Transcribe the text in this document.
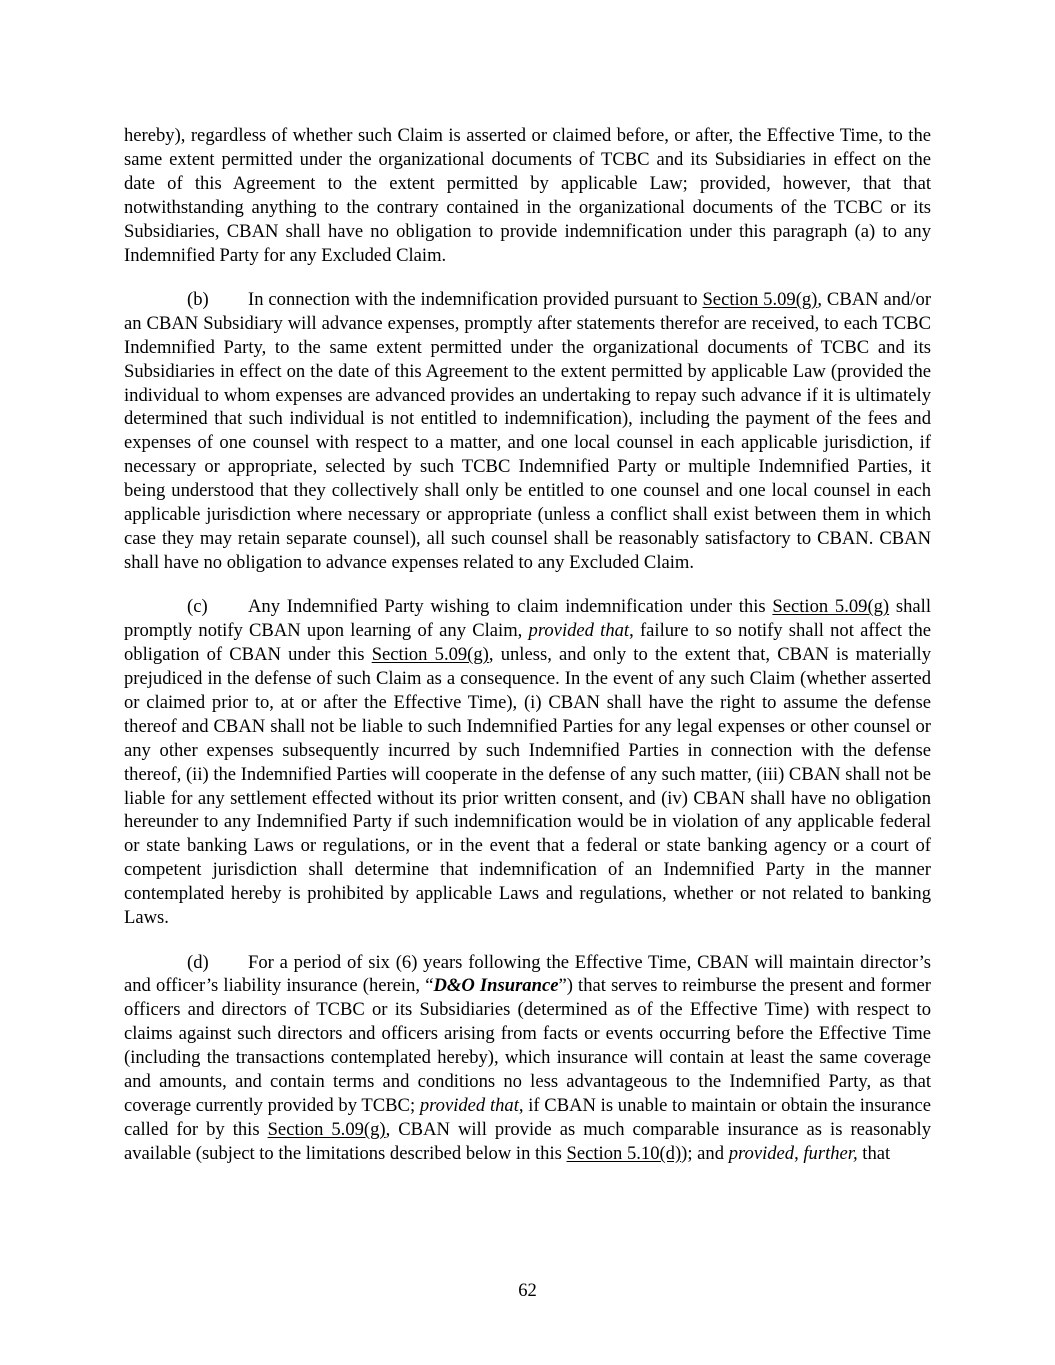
hereby), regardless of whether such Claim is asserted or claimed before, or after, the Effective Time, to the same extent permitted under the organizational documents of TCBC and its Subsidiaries in effect on the date of this Agreement to the extent permitted by applicable Law; provided, however, that that notwithstanding anything to the contrary contained in the organizational documents of the TCBC or its Subsidiaries, CBAN shall have no obligation to provide indemnification under this paragraph (a) to any Indemnified Party for any Excluded Claim.

(b) In connection with the indemnification provided pursuant to Section 5.09(g), CBAN and/or an CBAN Subsidiary will advance expenses, promptly after statements therefor are received, to each TCBC Indemnified Party, to the same extent permitted under the organizational documents of TCBC and its Subsidiaries in effect on the date of this Agreement to the extent permitted by applicable Law (provided the individual to whom expenses are advanced provides an undertaking to repay such advance if it is ultimately determined that such individual is not entitled to indemnification), including the payment of the fees and expenses of one counsel with respect to a matter, and one local counsel in each applicable jurisdiction, if necessary or appropriate, selected by such TCBC Indemnified Party or multiple Indemnified Parties, it being understood that they collectively shall only be entitled to one counsel and one local counsel in each applicable jurisdiction where necessary or appropriate (unless a conflict shall exist between them in which case they may retain separate counsel), all such counsel shall be reasonably satisfactory to CBAN. CBAN shall have no obligation to advance expenses related to any Excluded Claim.

(c) Any Indemnified Party wishing to claim indemnification under this Section 5.09(g) shall promptly notify CBAN upon learning of any Claim, provided that, failure to so notify shall not affect the obligation of CBAN under this Section 5.09(g), unless, and only to the extent that, CBAN is materially prejudiced in the defense of such Claim as a consequence. In the event of any such Claim (whether asserted or claimed prior to, at or after the Effective Time), (i) CBAN shall have the right to assume the defense thereof and CBAN shall not be liable to such Indemnified Parties for any legal expenses or other counsel or any other expenses subsequently incurred by such Indemnified Parties in connection with the defense thereof, (ii) the Indemnified Parties will cooperate in the defense of any such matter, (iii) CBAN shall not be liable for any settlement effected without its prior written consent, and (iv) CBAN shall have no obligation hereunder to any Indemnified Party if such indemnification would be in violation of any applicable federal or state banking Laws or regulations, or in the event that a federal or state banking agency or a court of competent jurisdiction shall determine that indemnification of an Indemnified Party in the manner contemplated hereby is prohibited by applicable Laws and regulations, whether or not related to banking Laws.

(d) For a period of six (6) years following the Effective Time, CBAN will maintain director’s and officer’s liability insurance (herein, “D&O Insurance”) that serves to reimburse the present and former officers and directors of TCBC or its Subsidiaries (determined as of the Effective Time) with respect to claims against such directors and officers arising from facts or events occurring before the Effective Time (including the transactions contemplated hereby), which insurance will contain at least the same coverage and amounts, and contain terms and conditions no less advantageous to the Indemnified Party, as that coverage currently provided by TCBC; provided that, if CBAN is unable to maintain or obtain the insurance called for by this Section 5.09(g), CBAN will provide as much comparable insurance as is reasonably available (subject to the limitations described below in this Section 5.10(d)); and provided, further, that

62
